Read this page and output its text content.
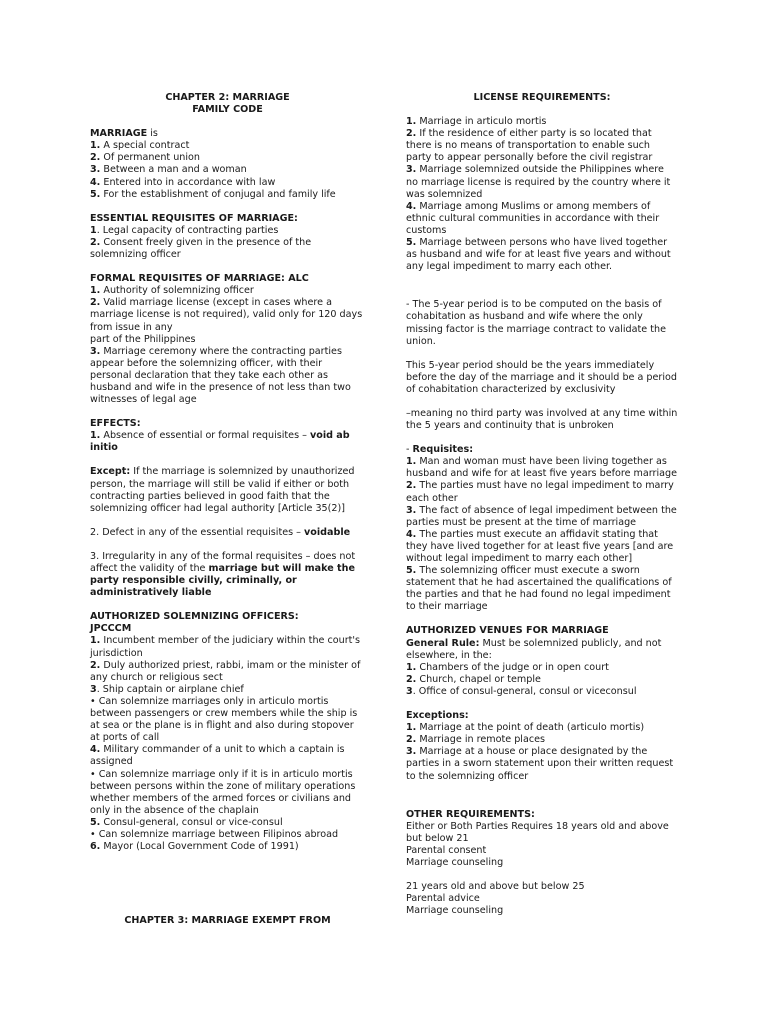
CHAPTER 2: MARRIAGE

FAMILY CODE

MARRIAGE is

1. A special contract

2. Of permanent union

3. Between a man and a woman

4. Entered into in accordance with law

5. For the establishment of conjugal and family life

ESSENTIAL REQUISITES OF MARRIAGE:

1. Legal capacity of contracting parties

2. Consent freely given in the presence of the solemnizing officer

FORMAL REQUISITES OF MARRIAGE: ALC

1. Authority of solemnizing officer

2. Valid marriage license (except in cases where a marriage license is not required), valid only for 120 days from issue in any

part of the Philippines

3. Marriage ceremony where the contracting parties appear before the solemnizing officer, with their personal declaration that they take each other as husband and wife in the presence of not less than two witnesses of legal age

EFFECTS:

1. Absence of essential or formal requisites – void ab initio

Except: If the marriage is solemnized by unauthorized person, the marriage will still be valid if either or both contracting parties believed in good faith that the solemnizing officer had legal authority [Article 35(2)]

2. Defect in any of the essential requisites – voidable

3. Irregularity in any of the formal requisites – does not affect the validity of the marriage but will make the party responsible civilly, criminally, or administratively liable

AUTHORIZED SOLEMNIZING OFFICERS:

JPCCCM

1. Incumbent member of the judiciary within the court's jurisdiction

2. Duly authorized priest, rabbi, imam or the minister of any church or religious sect

3. Ship captain or airplane chief

• Can solemnize marriages only in articulo mortis between passengers or crew members while the ship is at sea or the plane is in flight and also during stopover at ports of call

4. Military commander of a unit to which a captain is assigned

• Can solemnize marriage only if it is in articulo mortis between persons within the zone of military operations whether members of the armed forces or civilians and only in the absence of the chaplain

5. Consul-general, consul or vice-consul

• Can solemnize marriage between Filipinos abroad

6. Mayor (Local Government Code of 1991)

CHAPTER 3: MARRIAGE EXEMPT FROM

LICENSE REQUIREMENTS:

1. Marriage in articulo mortis

2. If the residence of either party is so located that there is no means of transportation to enable such party to appear personally before the civil registrar

3. Marriage solemnized outside the Philippines where no marriage license is required by the country where it was solemnized

4. Marriage among Muslims or among members of ethnic cultural communities in accordance with their customs

5. Marriage between persons who have lived together as husband and wife for at least five years and without any legal impediment to marry each other.

- The 5-year period is to be computed on the basis of cohabitation as husband and wife where the only missing factor is the marriage contract to validate the union.

This 5-year period should be the years immediately before the day of the marriage and it should be a period of cohabitation characterized by exclusivity

–meaning no third party was involved at any time within the 5 years and continuity that is unbroken

- Requisites:

1. Man and woman must have been living together as husband and wife for at least five years before marriage

2. The parties must have no legal impediment to marry each other

3. The fact of absence of legal impediment between the parties must be present at the time of marriage

4. The parties must execute an affidavit stating that they have lived together for at least five years [and are without legal impediment to marry each other]

5. The solemnizing officer must execute a sworn statement that he had ascertained the qualifications of the parties and that he had found no legal impediment to their marriage

AUTHORIZED VENUES FOR MARRIAGE

General Rule: Must be solemnized publicly, and not elsewhere, in the:

1. Chambers of the judge or in open court

2. Church, chapel or temple

3. Office of consul-general, consul or viceconsul

Exceptions:

1. Marriage at the point of death (articulo mortis)

2. Marriage in remote places

3. Marriage at a house or place designated by the parties in a sworn statement upon their written request to the solemnizing officer

OTHER REQUIREMENTS:

Either or Both Parties Requires 18 years old and above but below 21

Parental consent

Marriage counseling

21 years old and above but below 25

Parental advice

Marriage counseling
